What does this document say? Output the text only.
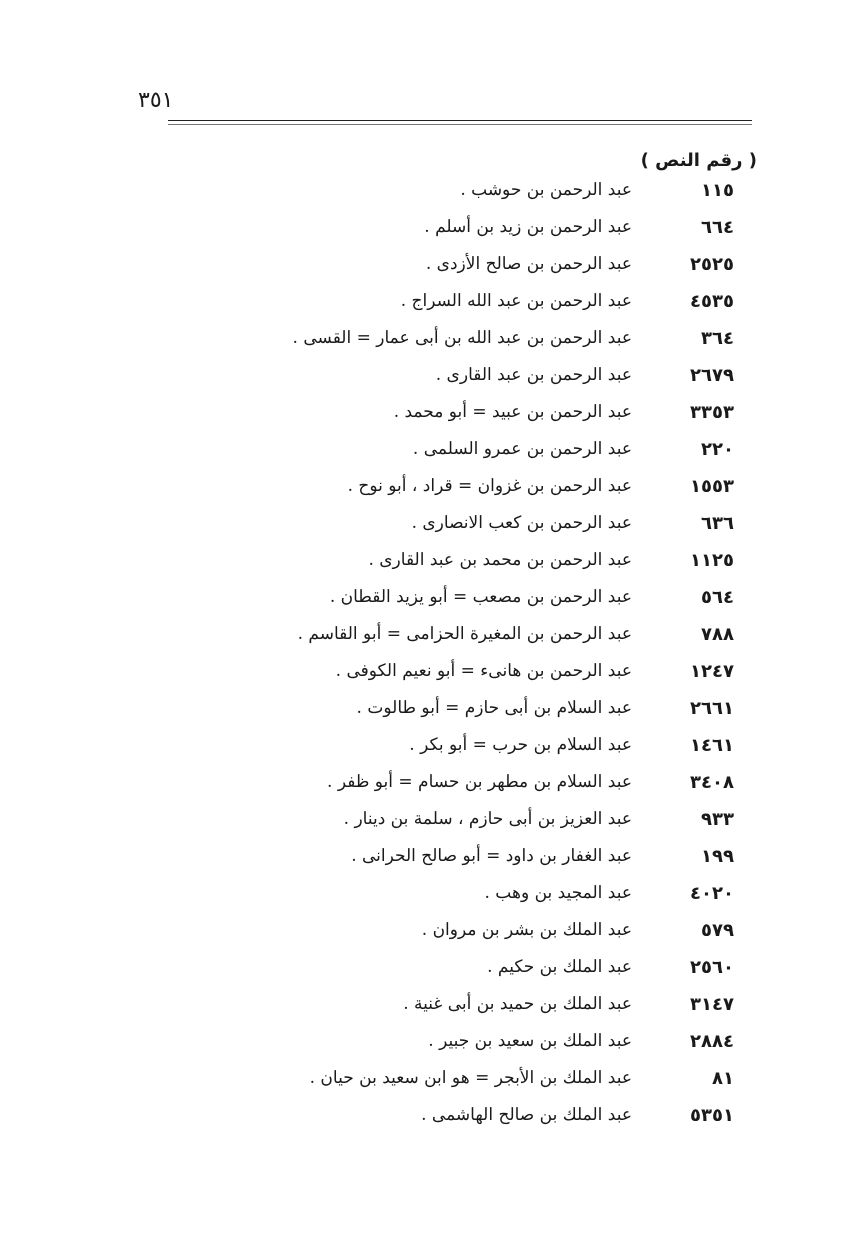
٣٥١
( رقم النص )
١١٥
عبد الرحمن بن حوشب .
٦٦٤
عبد الرحمن بن زيد بن أسلم .
٢٥٢٥
عبد الرحمن بن صالح الأزدى .
٤٥٣٥
عبد الرحمن بن عبد الله السراج .
٣٦٤
عبد الرحمن بن عبد الله بن أبى عمار = القسى .
٢٦٧٩
عبد الرحمن بن عبد القارى .
٣٣٥٣
عبد الرحمن بن عبيد = أبو محمد .
٢٢٠
عبد الرحمن بن عمرو السلمى .
١٥٥٣
عبد الرحمن بن غزوان = قراد ، أبو نوح .
٦٣٦
عبد الرحمن بن كعب الانصارى .
١١٢٥
عبد الرحمن بن محمد بن عبد القارى .
٥٦٤
عبد الرحمن بن مصعب = أبو يزيد القطان .
٧٨٨
عبد الرحمن بن المغيرة الحزامى = أبو القاسم .
١٢٤٧
عبد الرحمن بن هانىء = أبو نعيم الكوفى .
٢٦٦١
عبد السلام بن أبى حازم = أبو طالوت .
١٤٦١
عبد السلام بن حرب = أبو بكر .
٣٤٠٨
عبد السلام بن مطهر بن حسام = أبو ظفر .
٩٣٣
عبد العزيز بن أبى حازم ، سلمة بن دينار .
١٩٩
عبد الغفار بن داود = أبو صالح الحرانى .
٤٠٢٠
عبد المجيد بن وهب .
٥٧٩
عبد الملك بن بشر بن مروان .
٢٥٦٠
عبد الملك بن حكيم .
٣١٤٧
عبد الملك بن حميد بن أبى غنية .
٢٨٨٤
عبد الملك بن سعيد بن جبير .
٨١
عبد الملك بن الأبجر = هو ابن سعيد بن حيان .
٥٣٥١
عبد الملك بن صالح الهاشمى .
